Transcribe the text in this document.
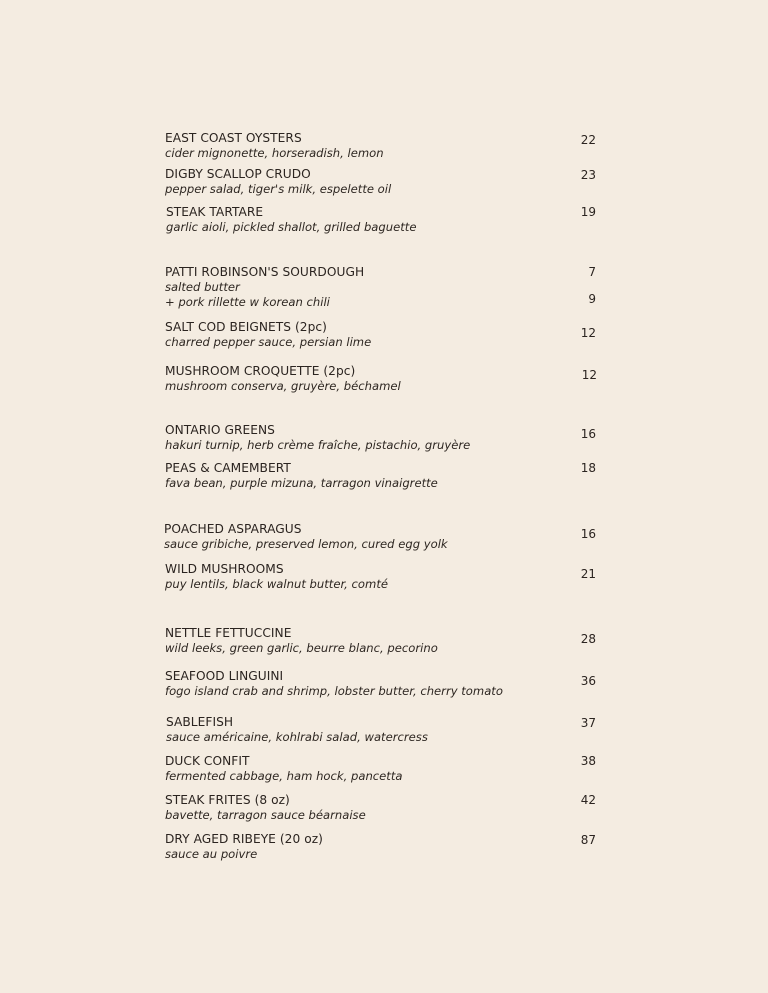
EAST COAST OYSTERS
cider mignonette, horseradish, lemon
22
DIGBY SCALLOP CRUDO
pepper salad, tiger's milk, espelette oil
23
STEAK TARTARE
garlic aioli, pickled shallot, grilled baguette
19
PATTI ROBINSON'S SOURDOUGH
salted butter
+ pork rillette w korean chili
7
9
SALT COD BEIGNETS (2pc)
charred pepper sauce, persian lime
12
MUSHROOM CROQUETTE (2pc)
mushroom conserva, gruyère, béchamel
12
ONTARIO GREENS
hakuri turnip, herb crème fraîche, pistachio, gruyère
16
PEAS & CAMEMBERT
fava bean, purple mizuna, tarragon vinaigrette
18
POACHED ASPARAGUS
sauce gribiche, preserved lemon, cured egg yolk
16
WILD MUSHROOMS
puy lentils, black walnut butter, comté
21
NETTLE FETTUCCINE
wild leeks, green garlic, beurre blanc, pecorino
28
SEAFOOD LINGUINI
fogo island crab and shrimp, lobster butter, cherry tomato
36
SABLEFISH
sauce américaine, kohlrabi salad, watercress
37
DUCK CONFIT
fermented cabbage, ham hock, pancetta
38
STEAK FRITES (8 oz)
bavette, tarragon sauce béarnaise
42
DRY AGED RIBEYE (20 oz)
sauce au poivre
87
